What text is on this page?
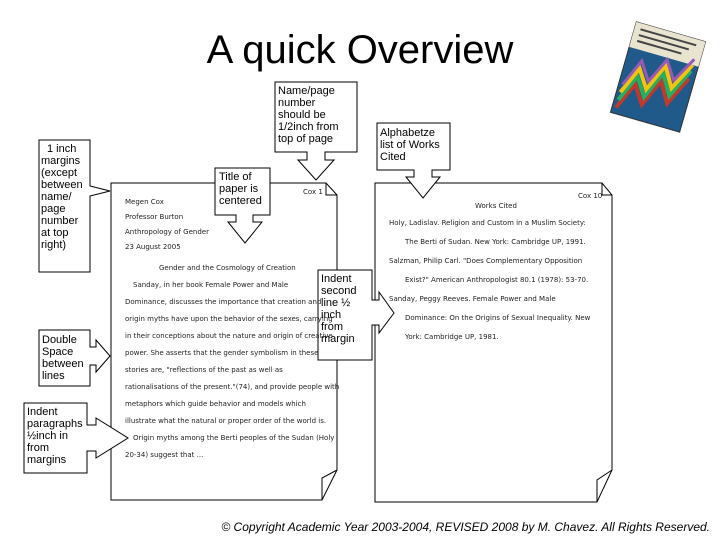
A quick Overview

Cox 1

Megen Cox

Professor Burton

Anthropology of Gender

23 August 2005

Gender and the Cosmology of Creation

Sanday, in her book Female Power and Male

Dominance, discusses the importance that creation and

origin myths have upon the behavior of the sexes, carrying

in their conceptions about the nature and origin of creative

power. She asserts that the gender symbolism in these

stories are, "reflections of the past as well as

rationalisations of the present."(74), and provide people with

metaphors which guide behavior and models which

illustrate what the natural or proper order of the world is.

Origin myths among the Berti peoples of the Sudan (Holy

20-34) suggest that ...

Cox 10

Works Cited

Holy, Ladislav. Religion and Custom in a Muslim Society:

The Berti of Sudan. New York: Cambridge UP, 1991.

Salzman, Philip Carl. "Does Complementary Opposition

Exist?" American Anthropologist 80.1 (1978): 53-70.

Sanday, Peggy Reeves. Female Power and Male

Dominance: On the Origins of Sexual Inequality. New

York: Cambridge UP, 1981.

1 inch
margins
(except
between
name/
page
number
at top
right)
Name/page
number
should be
1/2inch from
top of page	Alphabetze
list of Works
Cited
Title of
paper is
centered
Indent
second
line ½
inch
from
margin
Double
Space
between
lines
Indent
paragraphs
½inch in
from
margins
© Copyright Academic Year 2003-2004, REVISED 2008 by M. Chavez. All Rights Reserved.
